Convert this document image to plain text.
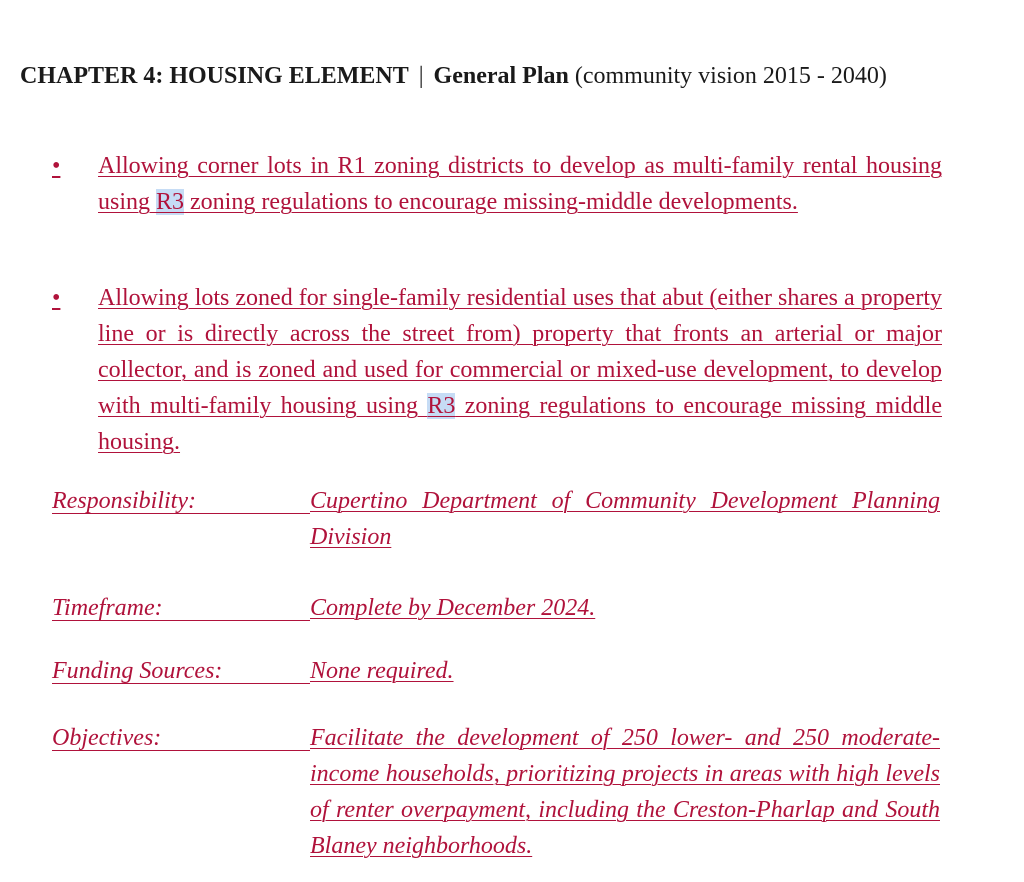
CHAPTER 4: HOUSING ELEMENT | General Plan (community vision 2015 - 2040)
•	Allowing corner lots in R1 zoning districts to develop as multi-family rental housing using R3 zoning regulations to encourage missing-middle developments.
•	Allowing lots zoned for single-family residential uses that abut (either shares a property line or is directly across the street from) property that fronts an arterial or major collector, and is zoned and used for commercial or mixed-use development, to develop with multi-family housing using R3 zoning regulations to encourage missing middle housing.
Responsibility:	Cupertino Department of Community Development Planning Division
Timeframe:	Complete by December 2024.
Funding Sources:	None required.
Objectives:	Facilitate the development of 250 lower- and 250 moderate-income households, prioritizing projects in areas with high levels of renter overpayment, including the Creston-Pharlap and South Blaney neighborhoods.
